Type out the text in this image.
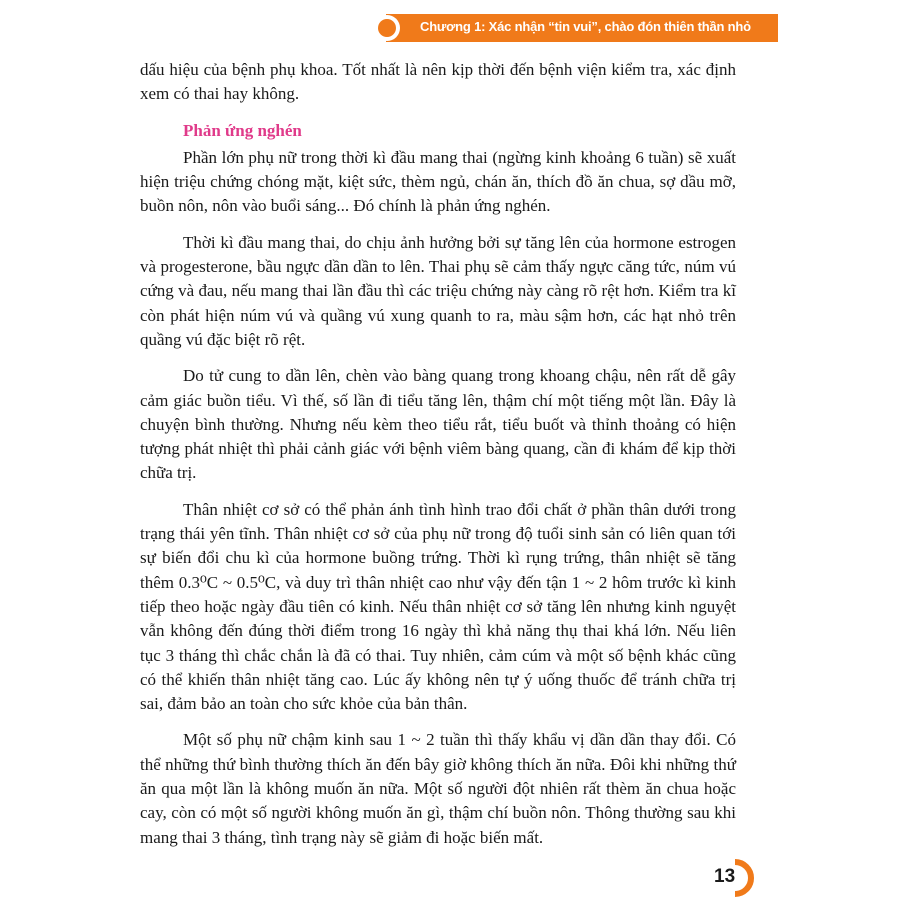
Chương 1: Xác nhận “tin vui”, chào đón thiên thần nhỏ

dấu hiệu của bệnh phụ khoa. Tốt nhất là nên kịp thời đến bệnh viện kiểm tra, xác định xem có thai hay không.

Phản ứng nghén

Phần lớn phụ nữ trong thời kì đầu mang thai (ngừng kinh khoảng 6 tuần) sẽ xuất hiện triệu chứng chóng mặt, kiệt sức, thèm ngủ, chán ăn, thích đồ ăn chua, sợ dầu mỡ, buồn nôn, nôn vào buổi sáng... Đó chính là phản ứng nghén.

Thời kì đầu mang thai, do chịu ảnh hưởng bởi sự tăng lên của hormone estrogen và progesterone, bầu ngực dần dần to lên. Thai phụ sẽ cảm thấy ngực căng tức, núm vú cứng và đau, nếu mang thai lần đầu thì các triệu chứng này càng rõ rệt hơn. Kiểm tra kĩ còn phát hiện núm vú và quầng vú xung quanh to ra, màu sậm hơn, các hạt nhỏ trên quầng vú đặc biệt rõ rệt.

Do tử cung to dần lên, chèn vào bàng quang trong khoang chậu, nên rất dễ gây cảm giác buồn tiểu. Vì thế, số lần đi tiểu tăng lên, thậm chí một tiếng một lần. Đây là chuyện bình thường. Nhưng nếu kèm theo tiểu rắt, tiểu buốt và thỉnh thoảng có hiện tượng phát nhiệt thì phải cảnh giác với bệnh viêm bàng quang, cần đi khám để kịp thời chữa trị.

Thân nhiệt cơ sở có thể phản ánh tình hình trao đổi chất ở phần thân dưới trong trạng thái yên tĩnh. Thân nhiệt cơ sở của phụ nữ trong độ tuổi sinh sản có liên quan tới sự biến đổi chu kì của hormone buồng trứng. Thời kì rụng trứng, thân nhiệt sẽ tăng thêm 0.3⁰C ~ 0.5⁰C, và duy trì thân nhiệt cao như vậy đến tận 1 ~ 2 hôm trước kì kinh tiếp theo hoặc ngày đầu tiên có kinh. Nếu thân nhiệt cơ sở tăng lên nhưng kinh nguyệt vẫn không đến đúng thời điểm trong 16 ngày thì khả năng thụ thai khá lớn. Nếu liên tục 3 tháng thì chắc chắn là đã có thai. Tuy nhiên, cảm cúm và một số bệnh khác cũng có thể khiến thân nhiệt tăng cao. Lúc ấy không nên tự ý uống thuốc để tránh chữa trị sai, đảm bảo an toàn cho sức khỏe của bản thân.

Một số phụ nữ chậm kinh sau 1 ~ 2 tuần thì thấy khẩu vị dần dần thay đổi. Có thể những thứ bình thường thích ăn đến bây giờ không thích ăn nữa. Đôi khi những thứ ăn qua một lần là không muốn ăn nữa. Một số người đột nhiên rất thèm ăn chua hoặc cay, còn có một số người không muốn ăn gì, thậm chí buồn nôn. Thông thường sau khi mang thai 3 tháng, tình trạng này sẽ giảm đi hoặc biến mất.

13
